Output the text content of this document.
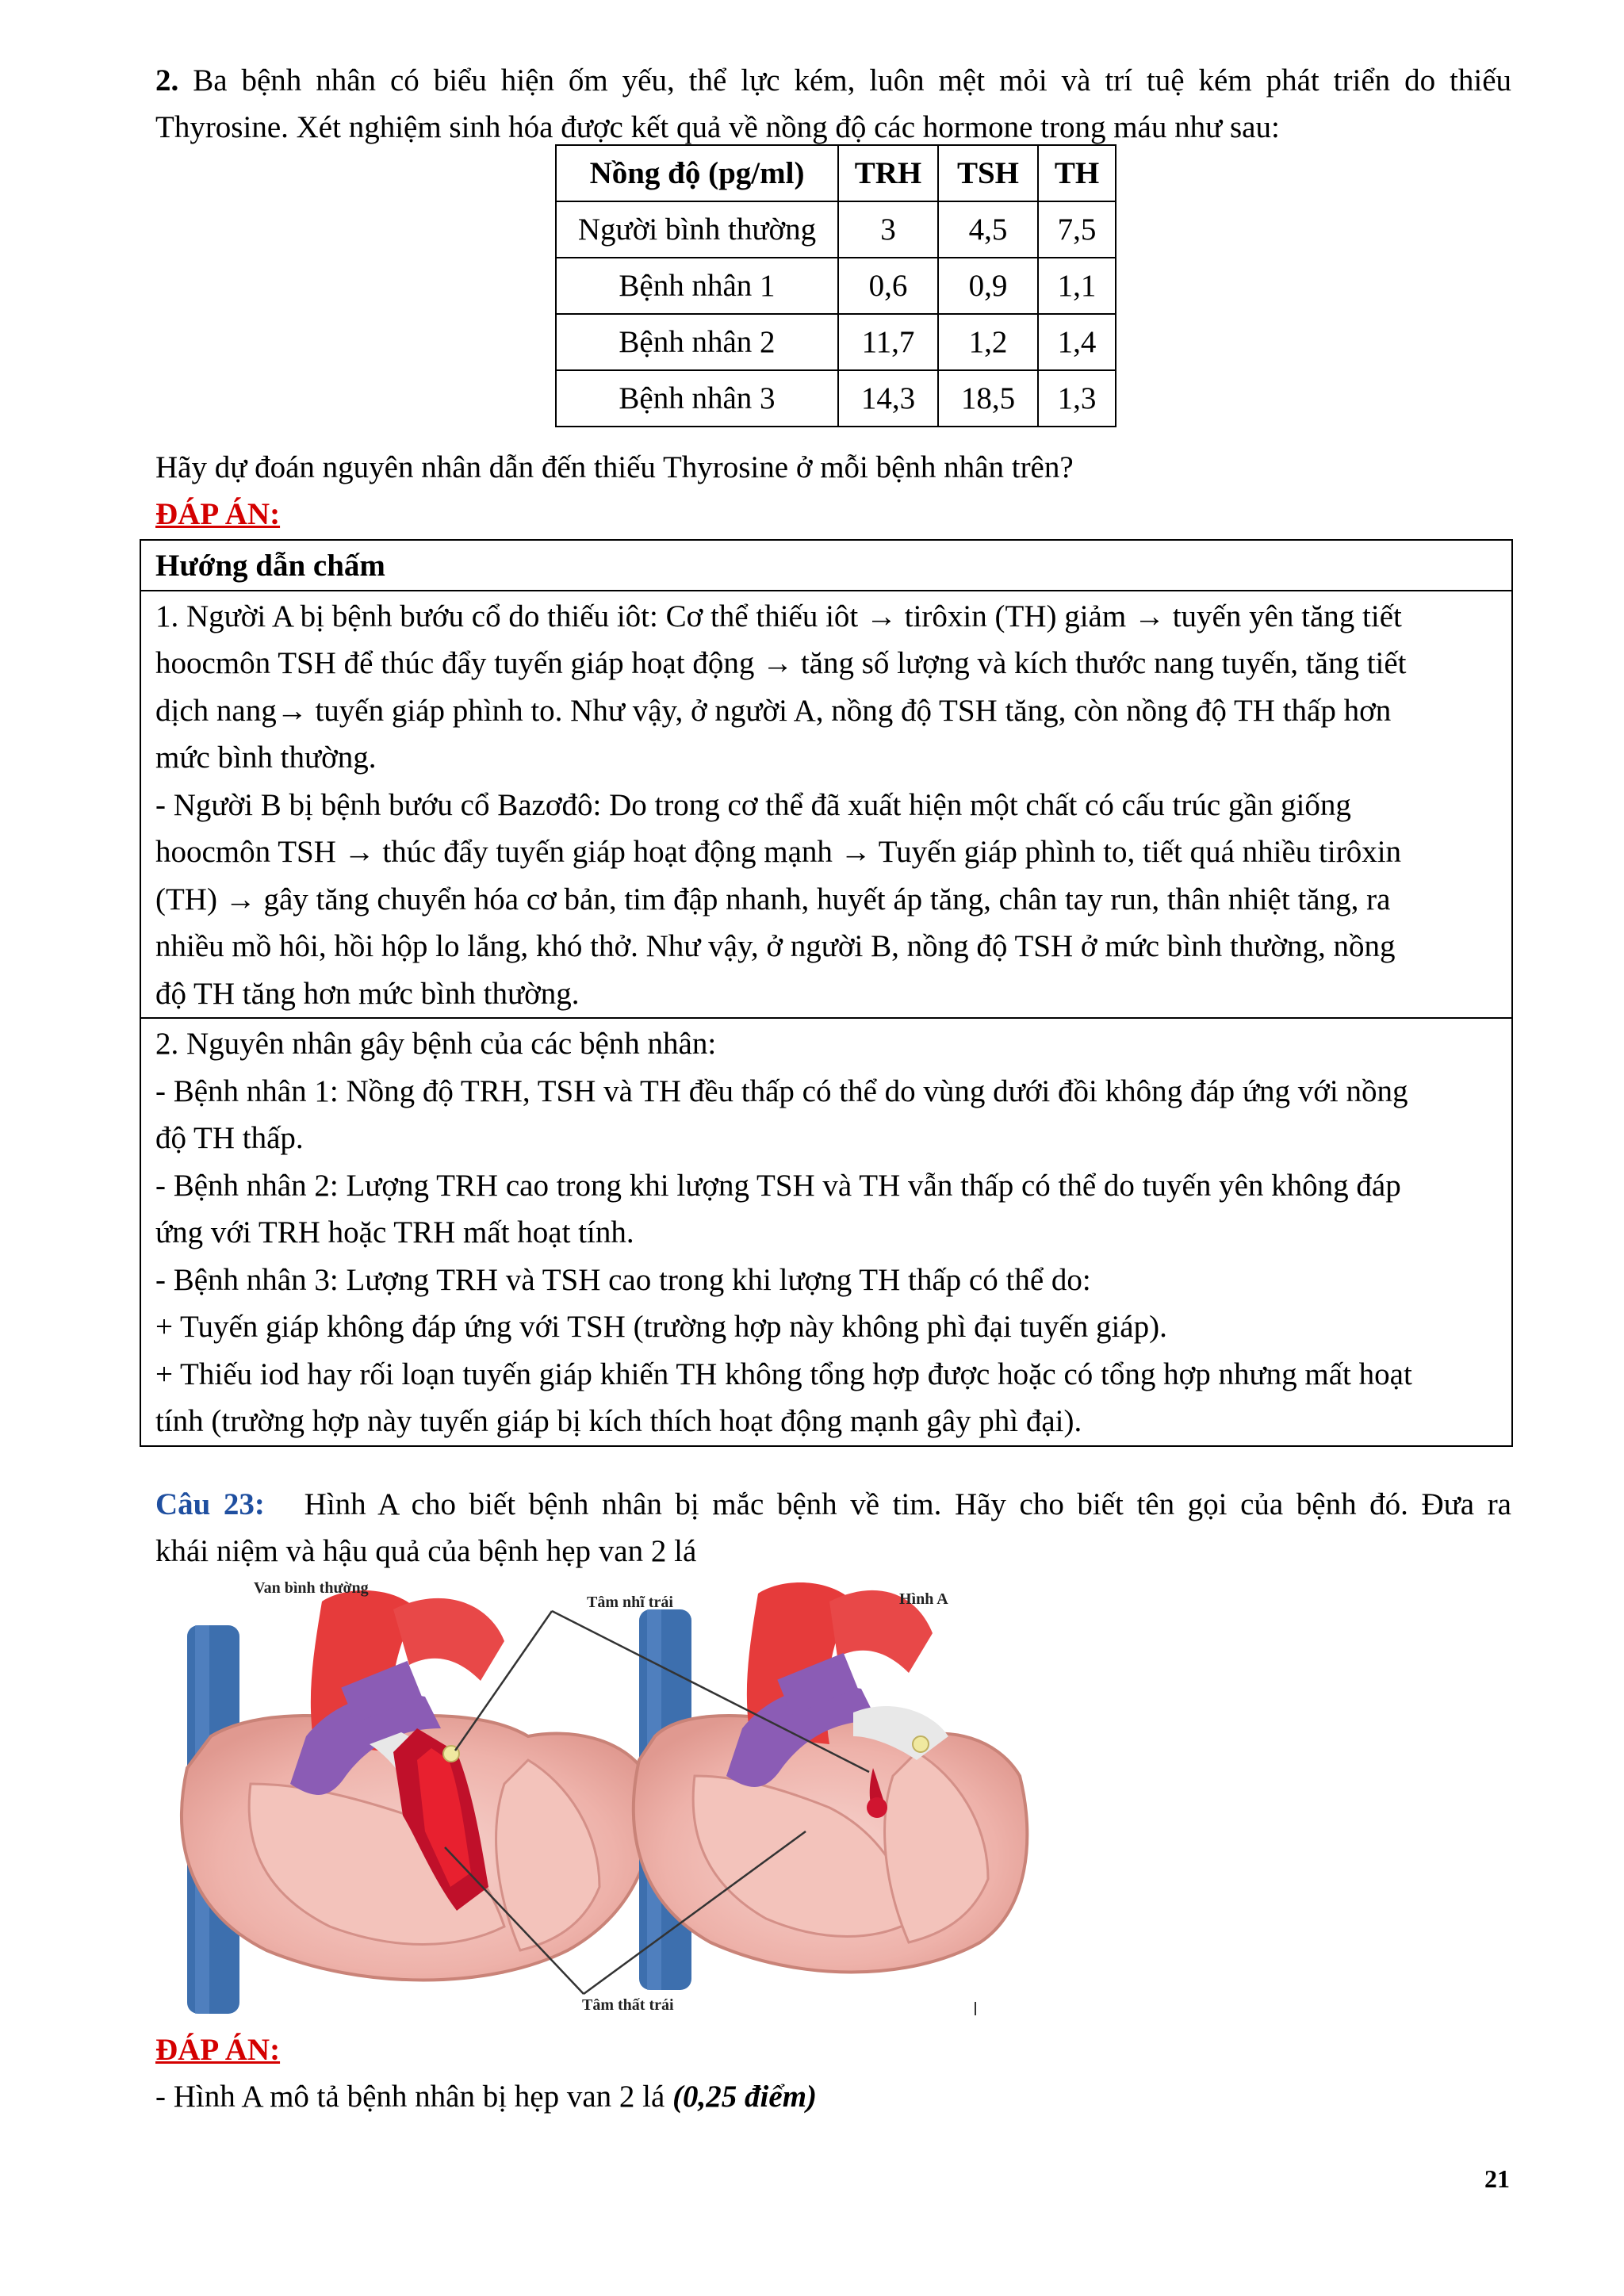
2. Ba bệnh nhân có biểu hiện ốm yếu, thể lực kém, luôn mệt mỏi và trí tuệ kém phát triển do thiếu

Thyrosine. Xét nghiệm sinh hóa được kết quả về nồng độ các hormone trong máu như sau:

Nồng độ (pg/ml)	TRH	TSH	TH
Người bình thường	3	4,5	7,5
Bệnh nhân 1	0,6	0,9	1,1
Bệnh nhân 2	11,7	1,2	1,4
Bệnh nhân 3	14,3	18,5	1,3

Hãy dự đoán nguyên nhân dẫn đến thiếu Thyrosine ở mỗi bệnh nhân trên?

ĐÁP ÁN:

Hướng dẫn chấm

1. Người A bị bệnh bướu cổ do thiếu iôt: Cơ thể thiếu iôt → tirôxin (TH) giảm → tuyến yên tăng tiết

hoocmôn TSH để thúc đẩy tuyến giáp hoạt động → tăng số lượng và kích thước nang tuyến, tăng tiết

dịch nang→ tuyến giáp phình to. Như vậy, ở người A, nồng độ TSH tăng, còn nồng độ TH thấp hơn

mức bình thường.

- Người B bị bệnh bướu cổ Bazơđô: Do trong cơ thể đã xuất hiện một chất có cấu trúc gần giống

hoocmôn TSH → thúc đẩy tuyến giáp hoạt động mạnh → Tuyến giáp phình to, tiết quá nhiều tirôxin

(TH) → gây tăng chuyển hóa cơ bản, tim đập nhanh, huyết áp tăng, chân tay run, thân nhiệt tăng, ra

nhiều mồ hôi, hồi hộp lo lắng, khó thở. Như vậy, ở người B, nồng độ TSH ở mức bình thường, nồng

độ TH tăng hơn mức bình thường.

2. Nguyên nhân gây bệnh của các bệnh nhân:

- Bệnh nhân 1: Nồng độ TRH, TSH và TH đều thấp có thể do vùng dưới đồi không đáp ứng với nồng

độ TH thấp.

- Bệnh nhân 2: Lượng TRH cao trong khi lượng TSH và TH vẫn thấp có thể do tuyến yên không đáp

ứng với TRH hoặc TRH mất hoạt tính.

- Bệnh nhân 3: Lượng TRH và TSH cao trong khi lượng TH thấp có thể do:

+ Tuyến giáp không đáp ứng với TSH (trường hợp này không phì đại tuyến giáp).

+ Thiếu iod hay rối loạn tuyến giáp khiến TH không tổng hợp được hoặc có tổng hợp nhưng mất hoạt

tính (trường hợp này tuyến giáp bị kích thích hoạt động mạnh gây phì đại).

Câu 23: Hình A cho biết bệnh nhân bị mắc bệnh về tim. Hãy cho biết tên gọi của bệnh đó. Đưa ra

khái niệm và hậu quả của bệnh hẹp van 2 lá

Van bình thường
Tâm nhĩ trái	Hình A
Tâm thất trái

ĐÁP ÁN:

- Hình A mô tả bệnh nhân bị hẹp van 2 lá (0,25 điểm)

21
